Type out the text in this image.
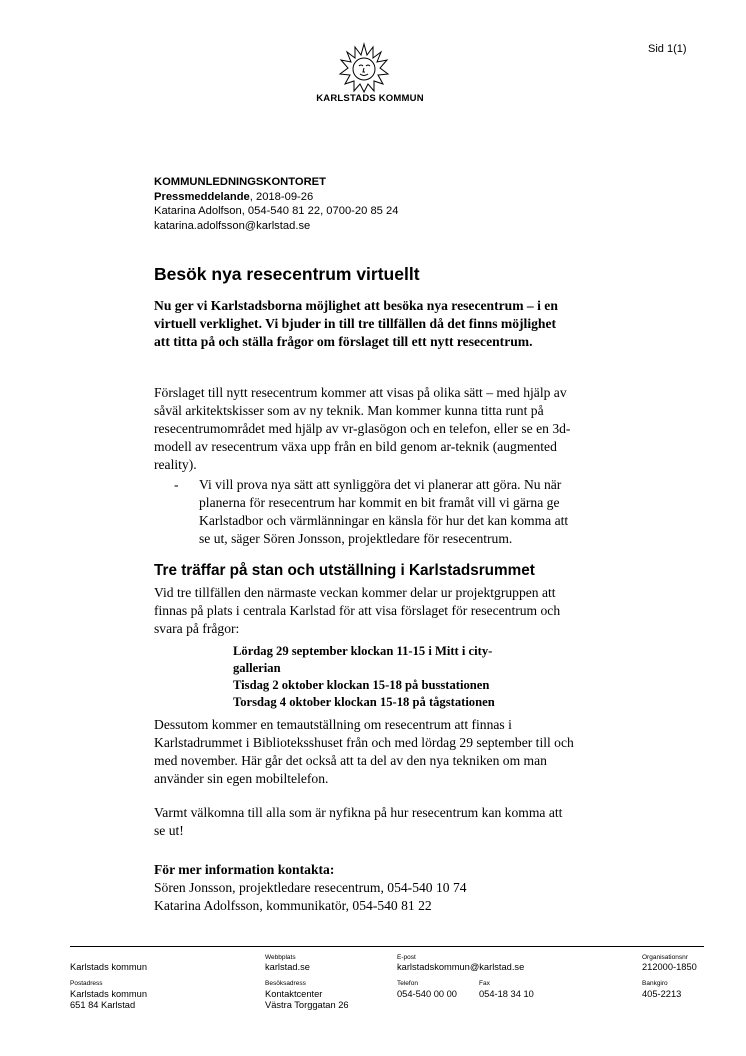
Sid 1(1)
KARLSTADS KOMMUN
KOMMUNLEDNINGSKONTORET
Pressmeddelande, 2018-09-26
Katarina Adolfson, 054-540 81 22, 0700-20 85 24
katarina.adolfsson@karlstad.se
Besök nya resecentrum virtuellt
Nu ger vi Karlstadsborna möjlighet att besöka nya resecentrum – i en
virtuell verklighet. Vi bjuder in till tre tillfällen då det finns möjlighet
att titta på och ställa frågor om förslaget till ett nytt resecentrum.
Förslaget till nytt resecentrum kommer att visas på olika sätt – med hjälp av
såväl arkitektskisser som av ny teknik. Man kommer kunna titta runt på
resecentrumområdet med hjälp av vr-glasögon och en telefon, eller se en 3d-
modell av resecentrum växa upp från en bild genom ar-teknik (augmented
reality).
- Vi vill prova nya sätt att synliggöra det vi planerar att göra. Nu när
planerna för resecentrum har kommit en bit framåt vill vi gärna ge
Karlstadbor och värmlänningar en känsla för hur det kan komma att
se ut, säger Sören Jonsson, projektledare för resecentrum.
Tre träffar på stan och utställning i Karlstadsrummet
Vid tre tillfällen den närmaste veckan kommer delar ur projektgruppen att
finnas på plats i centrala Karlstad för att visa förslaget för resecentrum och
svara på frågor:
Lördag 29 september klockan 11-15 i Mitt i city-
gallerian
Tisdag 2 oktober klockan 15-18 på busstationen
Torsdag 4 oktober klockan 15-18 på tågstationen
Dessutom kommer en temautställning om resecentrum att finnas i
Karlstadrummet i Biblioteksshuset från och med lördag 29 september till och
med november. Här går det också att ta del av den nya tekniken om man
använder sin egen mobiltelefon.
Varmt välkomna till alla som är nyfikna på hur resecentrum kan komma att
se ut!
För mer information kontakta:
Sören Jonsson, projektledare resecentrum, 054-540 10 74
Katarina Adolfsson, kommunikatör, 054-540 81 22
Karlstads kommun
Webbplats
karlstad.se
E-post
karlstadskommun@karlstad.se
Organisationsnr
212000-1850
Postadress
Karlstads kommun
651 84 Karlstad
Besöksadress
Kontaktcenter
Västra Torggatan 26
Telefon
054-540 00 00
Fax
054-18 34 10
Bankgiro
405-2213
